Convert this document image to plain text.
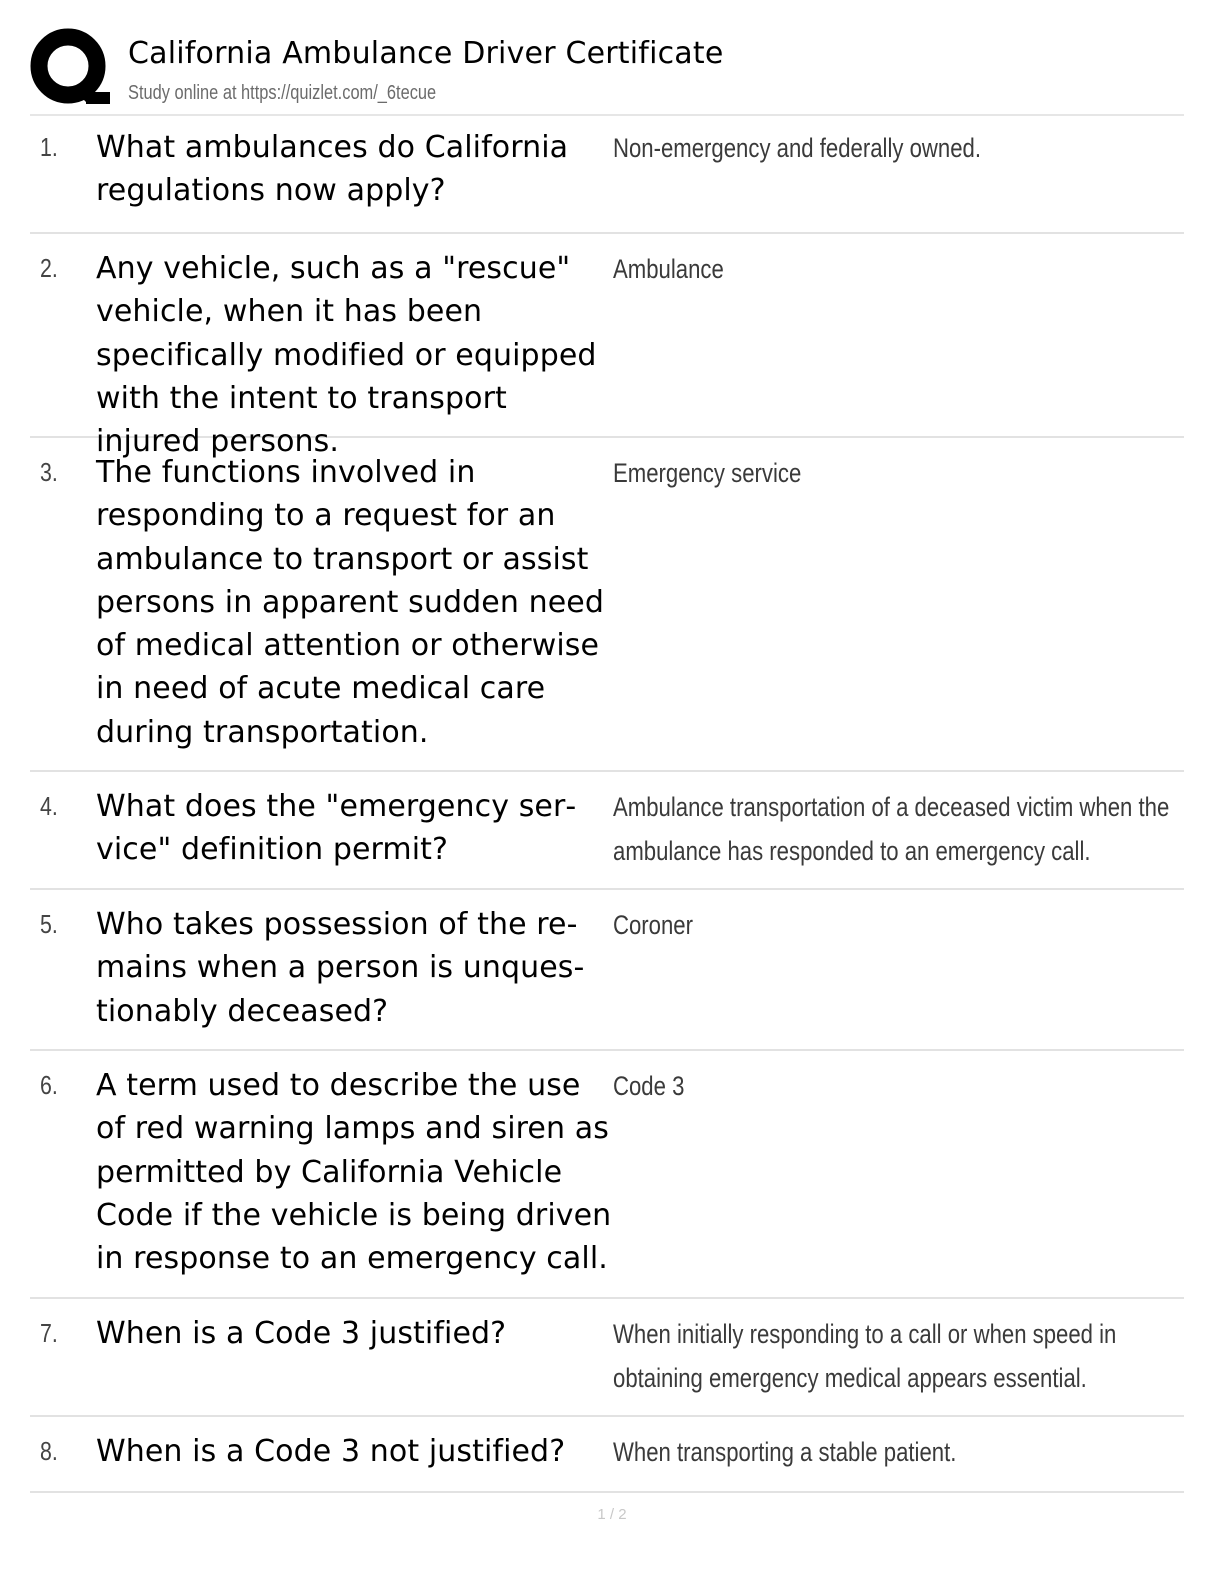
California Ambulance Driver Certificate
Study online at https://quizlet.com/_6tecue
1. What ambulances do California regulations now apply?
Non-emergency and federally owned.
2. Any vehicle, such as a "rescue" vehicle, when it has been specifically modified or equipped with the intent to transport injured persons.
Ambulance
3. The functions involved in responding to a request for an ambulance to transport or assist persons in apparent sudden need of medical attention or otherwise in need of acute medical care during transportation.
Emergency service
4. What does the "emergency service" definition permit?
Ambulance transportation of a deceased victim when the ambulance has responded to an emergency call.
5. Who takes possession of the remains when a person is unquestionably deceased?
Coroner
6. A term used to describe the use of red warning lamps and siren as permitted by California Vehicle Code if the vehicle is being driven in response to an emergency call.
Code 3
7. When is a Code 3 justified?	When initially responding to a call or when speed in obtaining emergency medical appears essential.
8. When is a Code 3 not justified?	When transporting a stable patient.
1 / 2
